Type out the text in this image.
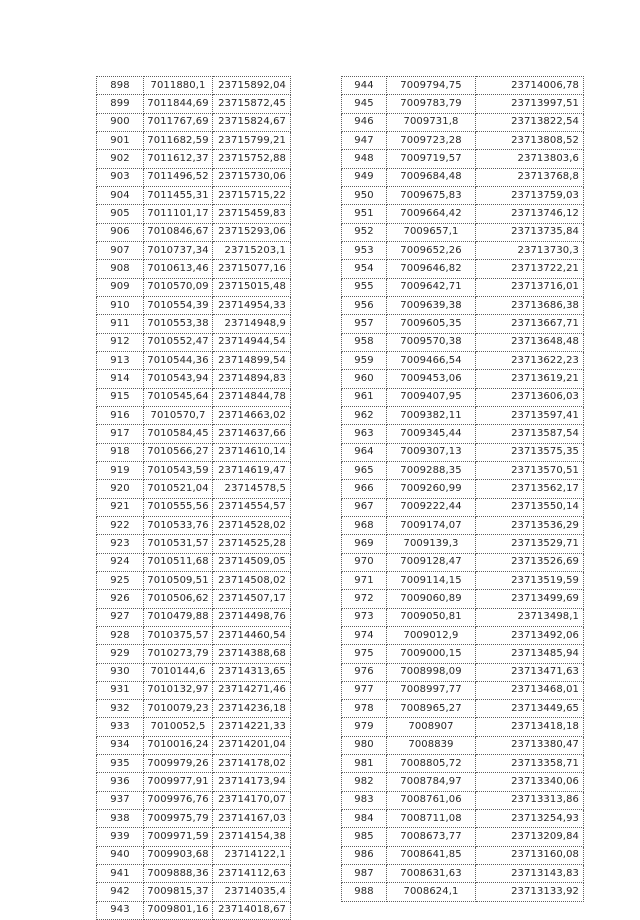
898	7011880,1	23715892,04
899	7011844,69	23715872,45
900	7011767,69	23715824,67
901	7011682,59	23715799,21
902	7011612,37	23715752,88
903	7011496,52	23715730,06
904	7011455,31	23715715,22
905	7011101,17	23715459,83
906	7010846,67	23715293,06
907	7010737,34	23715203,1
908	7010613,46	23715077,16
909	7010570,09	23715015,48
910	7010554,39	23714954,33
911	7010553,38	23714948,9
912	7010552,47	23714944,54
913	7010544,36	23714899,54
914	7010543,94	23714894,83
915	7010545,64	23714844,78
916	7010570,7	23714663,02
917	7010584,45	23714637,66
918	7010566,27	23714610,14
919	7010543,59	23714619,47
920	7010521,04	23714578,5
921	7010555,56	23714554,57
922	7010533,76	23714528,02
923	7010531,57	23714525,28
924	7010511,68	23714509,05
925	7010509,51	23714508,02
926	7010506,62	23714507,17
927	7010479,88	23714498,76
928	7010375,57	23714460,54
929	7010273,79	23714388,68
930	7010144,6	23714313,65
931	7010132,97	23714271,46
932	7010079,23	23714236,18
933	7010052,5	23714221,33
934	7010016,24	23714201,04
935	7009979,26	23714178,02
936	7009977,91	23714173,94
937	7009976,76	23714170,07
938	7009975,79	23714167,03
939	7009971,59	23714154,38
940	7009903,68	23714122,1
941	7009888,36	23714112,63
942	7009815,37	23714035,4
943	7009801,16	23714018,67
944	7009794,75	23714006,78
945	7009783,79	23713997,51
946	7009731,8	23713822,54
947	7009723,28	23713808,52
948	7009719,57	23713803,6
949	7009684,48	23713768,8
950	7009675,83	23713759,03
951	7009664,42	23713746,12
952	7009657,1	23713735,84
953	7009652,26	23713730,3
954	7009646,82	23713722,21
955	7009642,71	23713716,01
956	7009639,38	23713686,38
957	7009605,35	23713667,71
958	7009570,38	23713648,48
959	7009466,54	23713622,23
960	7009453,06	23713619,21
961	7009407,95	23713606,03
962	7009382,11	23713597,41
963	7009345,44	23713587,54
964	7009307,13	23713575,35
965	7009288,35	23713570,51
966	7009260,99	23713562,17
967	7009222,44	23713550,14
968	7009174,07	23713536,29
969	7009139,3	23713529,71
970	7009128,47	23713526,69
971	7009114,15	23713519,59
972	7009060,89	23713499,69
973	7009050,81	23713498,1
974	7009012,9	23713492,06
975	7009000,15	23713485,94
976	7008998,09	23713471,63
977	7008997,77	23713468,01
978	7008965,27	23713449,65
979	7008907	23713418,18
980	7008839	23713380,47
981	7008805,72	23713358,71
982	7008784,97	23713340,06
983	7008761,06	23713313,86
984	7008711,08	23713254,93
985	7008673,77	23713209,84
986	7008641,85	23713160,08
987	7008631,63	23713143,83
988	7008624,1	23713133,92
